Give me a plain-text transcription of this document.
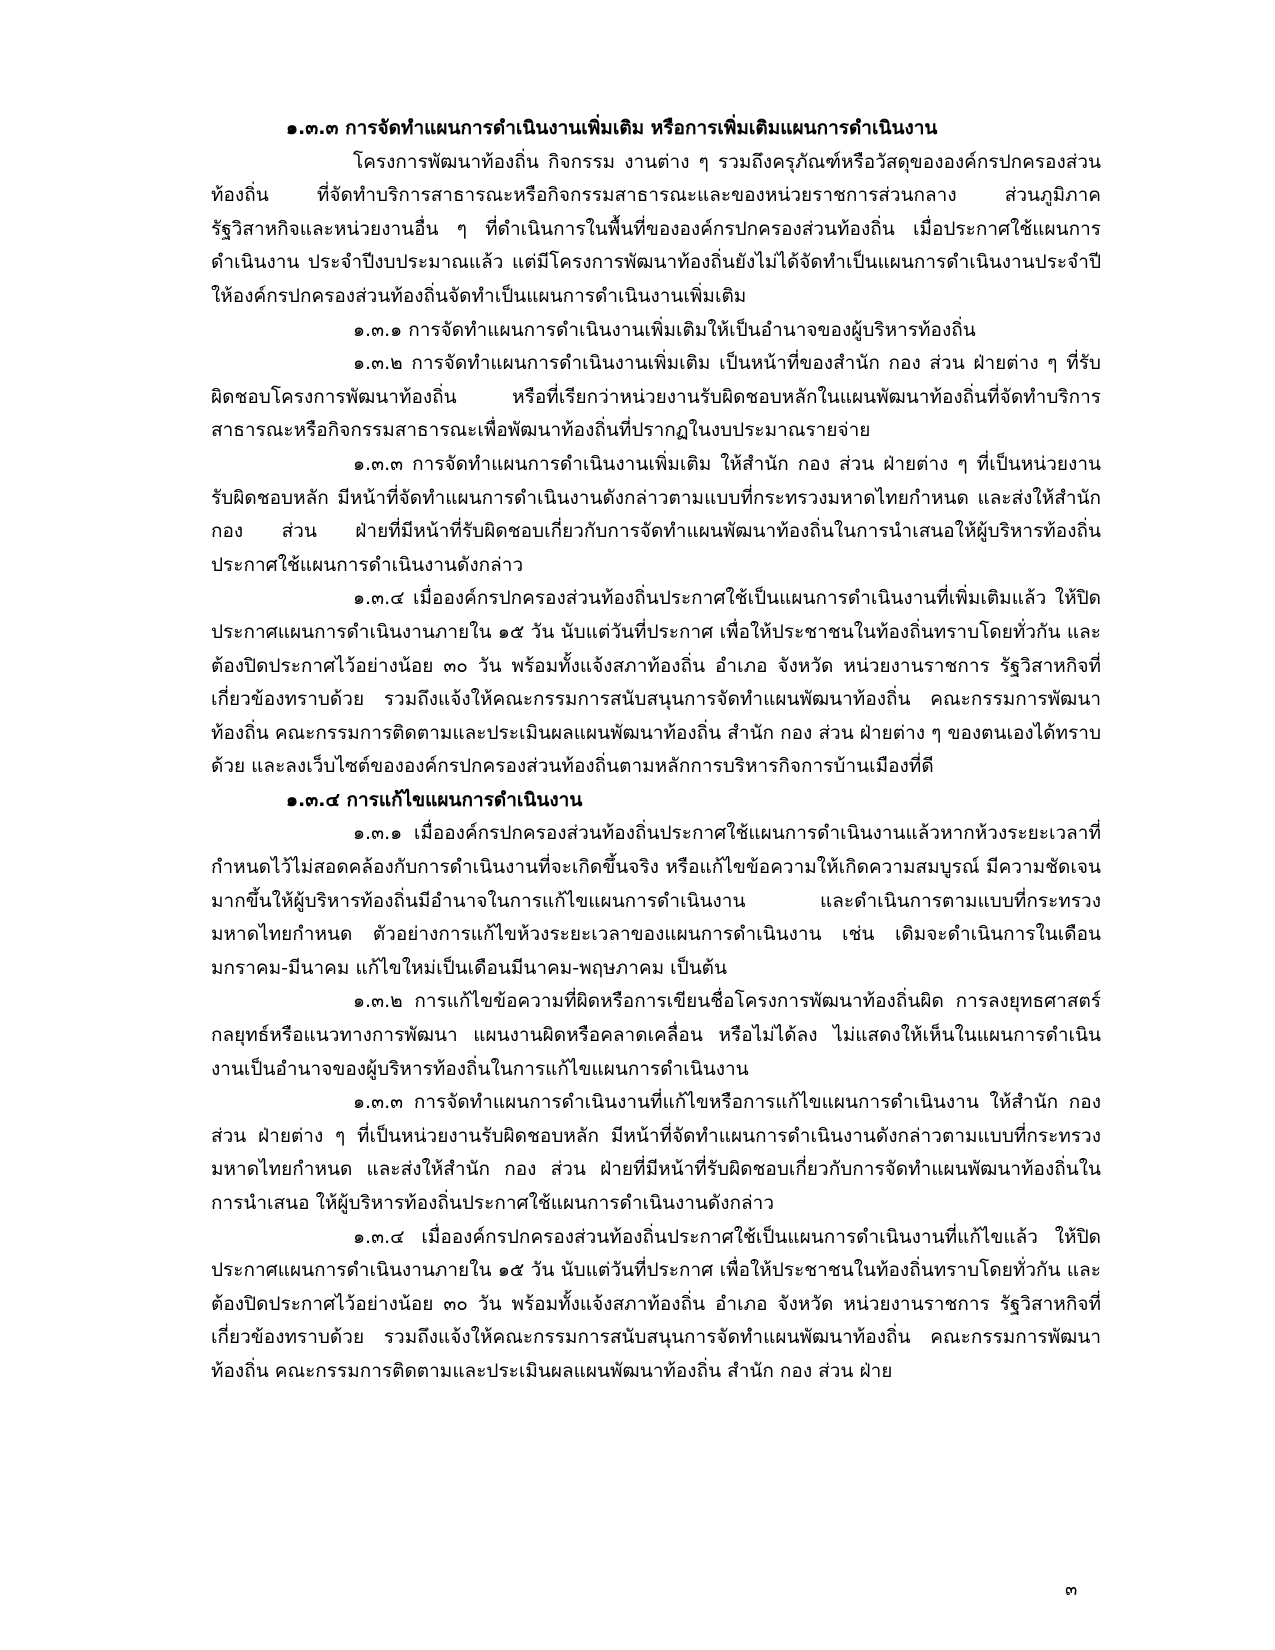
๑.๓.๓ การจัดทำแผนการดำเนินงานเพิ่มเติม หรือการเพิ่มเติมแผนการดำเนินงาน

โครงการพัฒนาท้องถิ่น กิจกรรม งานต่าง ๆ รวมถึงครุภัณฑ์หรือวัสดุขององค์กรปกครองส่วนท้องถิ่น ที่จัดทำบริการสาธารณะหรือกิจกรรมสาธารณะและของหน่วยราชการส่วนกลาง ส่วนภูมิภาค รัฐวิสาหกิจและหน่วยงานอื่น ๆ ที่ดำเนินการในพื้นที่ขององค์กรปกครองส่วนท้องถิ่น เมื่อประกาศใช้แผนการดำเนินงาน ประจำปีงบประมาณแล้ว แต่มีโครงการพัฒนาท้องถิ่นยังไม่ได้จัดทำเป็นแผนการดำเนินงานประจำปี ให้องค์กรปกครองส่วนท้องถิ่นจัดทำเป็นแผนการดำเนินงานเพิ่มเติม

๑.๓.๑ การจัดทำแผนการดำเนินงานเพิ่มเติมให้เป็นอำนาจของผู้บริหารท้องถิ่น

๑.๓.๒ การจัดทำแผนการดำเนินงานเพิ่มเติม เป็นหน้าที่ของสำนัก กอง ส่วน ฝ่ายต่าง ๆ ที่รับผิดชอบโครงการพัฒนาท้องถิ่น หรือที่เรียกว่าหน่วยงานรับผิดชอบหลักในแผนพัฒนาท้องถิ่นที่จัดทำบริการสาธารณะหรือกิจกรรมสาธารณะเพื่อพัฒนาท้องถิ่นที่ปรากฏในงบประมาณรายจ่าย

๑.๓.๓ การจัดทำแผนการดำเนินงานเพิ่มเติม ให้สำนัก กอง ส่วน ฝ่ายต่าง ๆ ที่เป็นหน่วยงานรับผิดชอบหลัก มีหน้าที่จัดทำแผนการดำเนินงานดังกล่าวตามแบบที่กระทรวงมหาดไทยกำหนด และส่งให้สำนัก กอง ส่วน ฝ่ายที่มีหน้าที่รับผิดชอบเกี่ยวกับการจัดทำแผนพัฒนาท้องถิ่นในการนำเสนอให้ผู้บริหารท้องถิ่นประกาศใช้แผนการดำเนินงานดังกล่าว

๑.๓.๔ เมื่อองค์กรปกครองส่วนท้องถิ่นประกาศใช้เป็นแผนการดำเนินงานที่เพิ่มเติมแล้ว ให้ปิดประกาศแผนการดำเนินงานภายใน ๑๕ วัน นับแต่วันที่ประกาศ เพื่อให้ประชาชนในท้องถิ่นทราบโดยทั่วกัน และต้องปิดประกาศไว้อย่างน้อย ๓๐ วัน พร้อมทั้งแจ้งสภาท้องถิ่น อำเภอ จังหวัด หน่วยงานราชการ รัฐวิสาหกิจที่เกี่ยวข้องทราบด้วย รวมถึงแจ้งให้คณะกรรมการสนับสนุนการจัดทำแผนพัฒนาท้องถิ่น คณะกรรมการพัฒนาท้องถิ่น คณะกรรมการติดตามและประเมินผลแผนพัฒนาท้องถิ่น สำนัก กอง ส่วน ฝ่ายต่าง ๆ ของตนเองได้ทราบด้วย และลงเว็บไซต์ขององค์กรปกครองส่วนท้องถิ่นตามหลักการบริหารกิจการบ้านเมืองที่ดี

๑.๓.๔ การแก้ไขแผนการดำเนินงาน

๑.๓.๑ เมื่อองค์กรปกครองส่วนท้องถิ่นประกาศใช้แผนการดำเนินงานแล้วหากห้วงระยะเวลาที่กำหนดไว้ไม่สอดคล้องกับการดำเนินงานที่จะเกิดขึ้นจริง หรือแก้ไขข้อความให้เกิดความสมบูรณ์ มีความชัดเจนมากขึ้นให้ผู้บริหารท้องถิ่นมีอำนาจในการแก้ไขแผนการดำเนินงาน และดำเนินการตามแบบที่กระทรวงมหาดไทยกำหนด ตัวอย่างการแก้ไขห้วงระยะเวลาของแผนการดำเนินงาน เช่น เดิมจะดำเนินการในเดือนมกราคม-มีนาคม แก้ไขใหม่เป็นเดือนมีนาคม-พฤษภาคม เป็นต้น

๑.๓.๒ การแก้ไขข้อความที่ผิดหรือการเขียนชื่อโครงการพัฒนาท้องถิ่นผิด การลงยุทธศาสตร์กลยุทธ์หรือแนวทางการพัฒนา แผนงานผิดหรือคลาดเคลื่อน หรือไม่ได้ลง ไม่แสดงให้เห็นในแผนการดำเนินงานเป็นอำนาจของผู้บริหารท้องถิ่นในการแก้ไขแผนการดำเนินงาน

๑.๓.๓ การจัดทำแผนการดำเนินงานที่แก้ไขหรือการแก้ไขแผนการดำเนินงาน ให้สำนัก กอง ส่วน ฝ่ายต่าง ๆ ที่เป็นหน่วยงานรับผิดชอบหลัก มีหน้าที่จัดทำแผนการดำเนินงานดังกล่าวตามแบบที่กระทรวงมหาดไทยกำหนด และส่งให้สำนัก กอง ส่วน ฝ่ายที่มีหน้าที่รับผิดชอบเกี่ยวกับการจัดทำแผนพัฒนาท้องถิ่นในการนำเสนอ ให้ผู้บริหารท้องถิ่นประกาศใช้แผนการดำเนินงานดังกล่าว

๑.๓.๔ เมื่อองค์กรปกครองส่วนท้องถิ่นประกาศใช้เป็นแผนการดำเนินงานที่แก้ไขแล้ว ให้ปิดประกาศแผนการดำเนินงานภายใน ๑๕ วัน นับแต่วันที่ประกาศ เพื่อให้ประชาชนในท้องถิ่นทราบโดยทั่วกัน และต้องปิดประกาศไว้อย่างน้อย ๓๐ วัน พร้อมทั้งแจ้งสภาท้องถิ่น อำเภอ จังหวัด หน่วยงานราชการ รัฐวิสาหกิจที่เกี่ยวข้องทราบด้วย รวมถึงแจ้งให้คณะกรรมการสนับสนุนการจัดทำแผนพัฒนาท้องถิ่น คณะกรรมการพัฒนาท้องถิ่น คณะกรรมการติดตามและประเมินผลแผนพัฒนาท้องถิ่น สำนัก กอง ส่วน ฝ่าย

๓
